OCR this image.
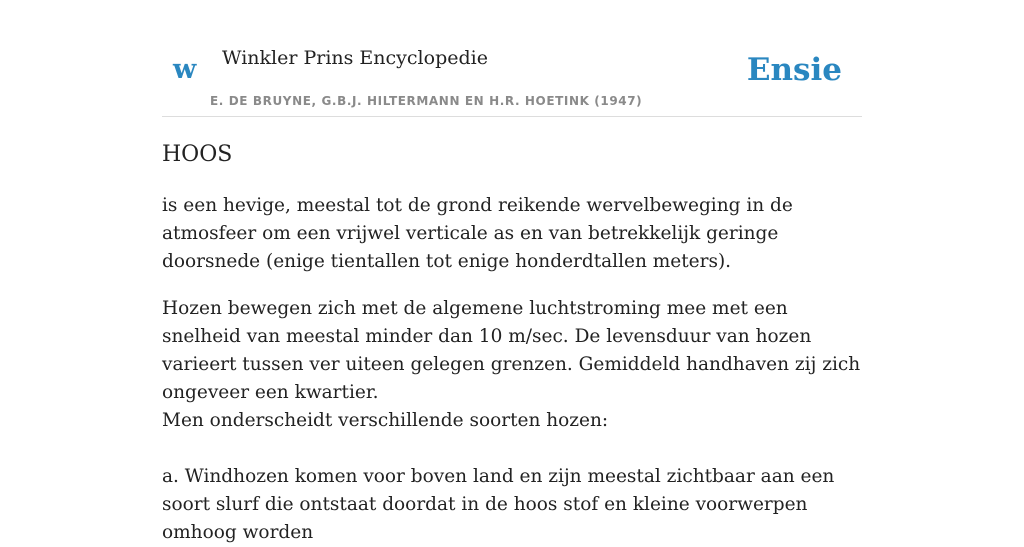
w Winkler Prins Encyclopedie
E. DE BRUYNE, G.B.J. HILTERMANN EN H.R. HOETINK (1947)
Ensie
HOOS

is een hevige, meestal tot de grond reikende wervelbeweging in de atmosfeer om een vrijwel verticale as en van betrekkelijk geringe doorsnede (enige tientallen tot enige honderdtallen meters).

Hozen bewegen zich met de algemene luchtstroming mee met een snelheid van meestal minder dan 10 m/sec. De levensduur van hozen varieert tussen ver uiteen gelegen grenzen. Gemiddeld handhaven zij zich ongeveer een kwartier.

Men onderscheidt verschillende soorten hozen:

a. Windhozen komen voor boven land en zijn meestal zichtbaar aan een soort slurf die ontstaat doordat in de hoos stof en kleine voorwerpen omhoog worden
